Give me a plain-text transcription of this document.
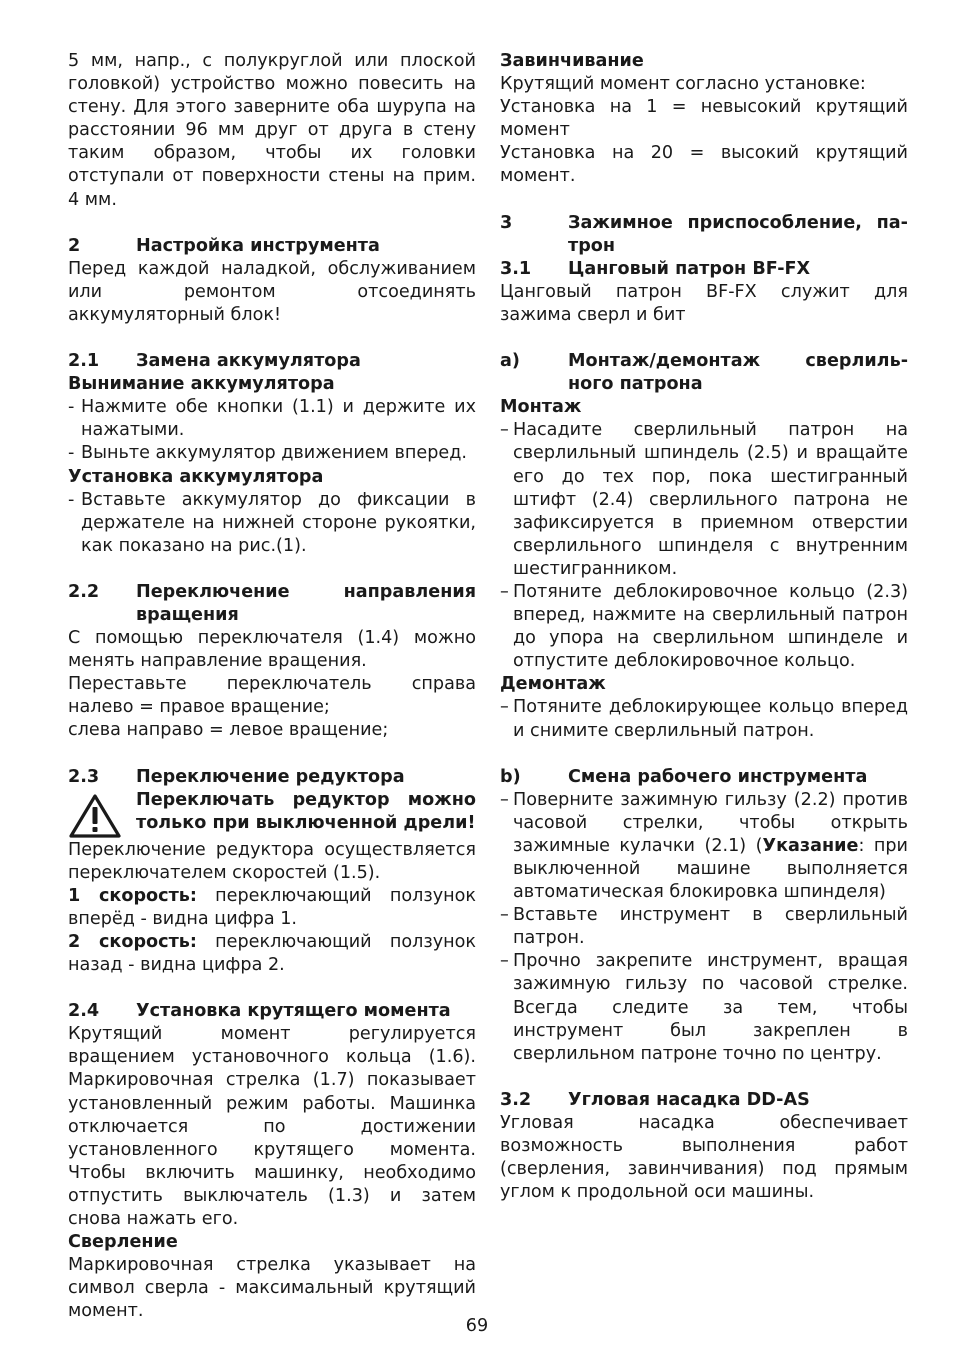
5 мм, напр., с полукруглой или плоской головкой) устройство можно повесить на стену. Для этого заверните оба шурупа на расстоянии 96 мм друг от друга в стену таким образом, чтобы их головки отступали от поверхности стены на прим. 4 мм.

2	Настройка инструмента

Перед каждой наладкой, обслуживанием или ремонтом отсоединять аккумуляторный блок!

2.1	Замена аккумулятора

Вынимание аккумулятора

- Нажмите обе кнопки (1.1) и держите их нажатыми.
- Выньте аккумулятор движением вперед.

Установка аккумулятора

- Вставьте аккумулятор до фиксации в держателе на нижней стороне рукоятки, как показано на рис.(1).
2.2	Переключение направления
вращения

С помощью переключателя (1.4) можно менять направление вращения.

Переставьте переключатель справа налево = правое вращение;

слева направо = левое вращение;

2.3	Переключение редуктора
Переключать редуктор можно только при выключенной дрели!

Переключение редуктора осуществляется переключателем скоростей (1.5).

1 скорость: переключающий ползунок вперёд - видна цифра 1.

2 скорость: переключающий ползунок назад - видна цифра 2.

2.4	Установка крутящего момента

Крутящий момент регулируется вращением установочного кольца (1.6). Маркировочная стрелка (1.7) показывает установленный режим работы. Машинка отключается по достижении установленного крутящего момента. Чтобы включить машинку, необходимо отпустить выключатель (1.3) и затем снова нажать его.

Сверление

Маркировочная стрелка указывает на символ сверла - максимальный крутящий момент.

Завинчивание

Крутящий момент согласно установке:

Установка на 1 = невысокий крутящий момент

Установка на 20 = высокий крутящий момент.

3	Зажимное приспособление, па-
трон
3.1	Цанговый патрон BF-FX

Цанговый патрон BF-FX служит для зажима сверл и бит

a)	Монтаж/демонтаж сверлиль-
ного патрона

Монтаж

– Насадите сверлильный патрон на сверлильный шпиндель (2.5) и вращайте его до тех пор, пока шестигранный штифт (2.4) сверлильного патрона не зафиксируется в приемном отверстии сверлильного шпинделя с внутренним шестигранником.
– Потяните деблокировочное кольцо (2.3) вперед, нажмите на сверлильный патрон до упора на сверлильном шпинделе и отпустите деблокировочное кольцо.

Демонтаж

– Потяните деблокирующее кольцо вперед и снимите сверлильный патрон.
b)	Смена рабочего инструмента
– Поверните зажимную гильзу (2.2) против часовой стрелки, чтобы открыть зажимные кулачки (2.1) (Указание: при выключенной машине выполняется автоматическая блокировка шпинделя)
– Вставьте инструмент в сверлильный патрон.
– Прочно закрепите инструмент, вращая зажимную гильзу по часовой стрелке. Всегда следите за тем, чтобы инструмент был закреплен в сверлильном патроне точно по центру.
3.2	Угловая насадка DD-AS

Угловая насадка обеспечивает возможность выполнения работ (сверления, завинчивания) под прямым углом к продольной оси машины.

69
